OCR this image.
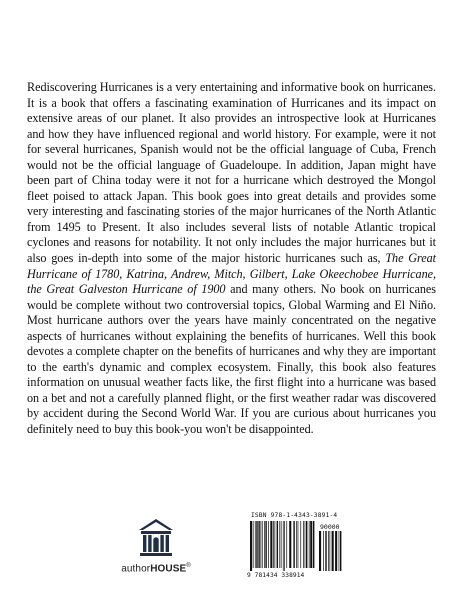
Rediscovering Hurricanes is a very entertaining and informative book on hurricanes. It is a book that offers a fascinating examination of Hurricanes and its impact on extensive areas of our planet. It also provides an introspective look at Hurricanes and how they have influenced regional and world history. For example, were it not for several hurricanes, Spanish would not be the official language of Cuba, French would not be the official language of Guadeloupe. In addition, Japan might have been part of China today were it not for a hurricane which destroyed the Mongol fleet poised to attack Japan. This book goes into great details and provides some very interesting and fascinating stories of the major hurricanes of the North Atlantic from 1495 to Present. It also includes several lists of notable Atlantic tropical cyclones and reasons for notability. It not only includes the major hurricanes but it also goes in-depth into some of the major historic hurricanes such as, The Great Hurricane of 1780, Katrina, Andrew, Mitch, Gilbert, Lake Okeechobee Hurricane, the Great Galveston Hurricane of 1900 and many others. No book on hurricanes would be complete without two controversial topics, Global Warming and El Niño. Most hurricane authors over the years have mainly concentrated on the negative aspects of hurricanes without explaining the benefits of hurricanes. Well this book devotes a complete chapter on the benefits of hurricanes and why they are important to the earth's dynamic and complex ecosystem. Finally, this book also features information on unusual weather facts like, the first flight into a hurricane was based on a bet and not a carefully planned flight, or the first weather radar was discovered by accident during the Second World War. If you are curious about hurricanes you definitely need to buy this book-you won't be disappointed.
authorHOUSE®
ISBN 978-1-4343-3891-4
90000
9 781434 338914
